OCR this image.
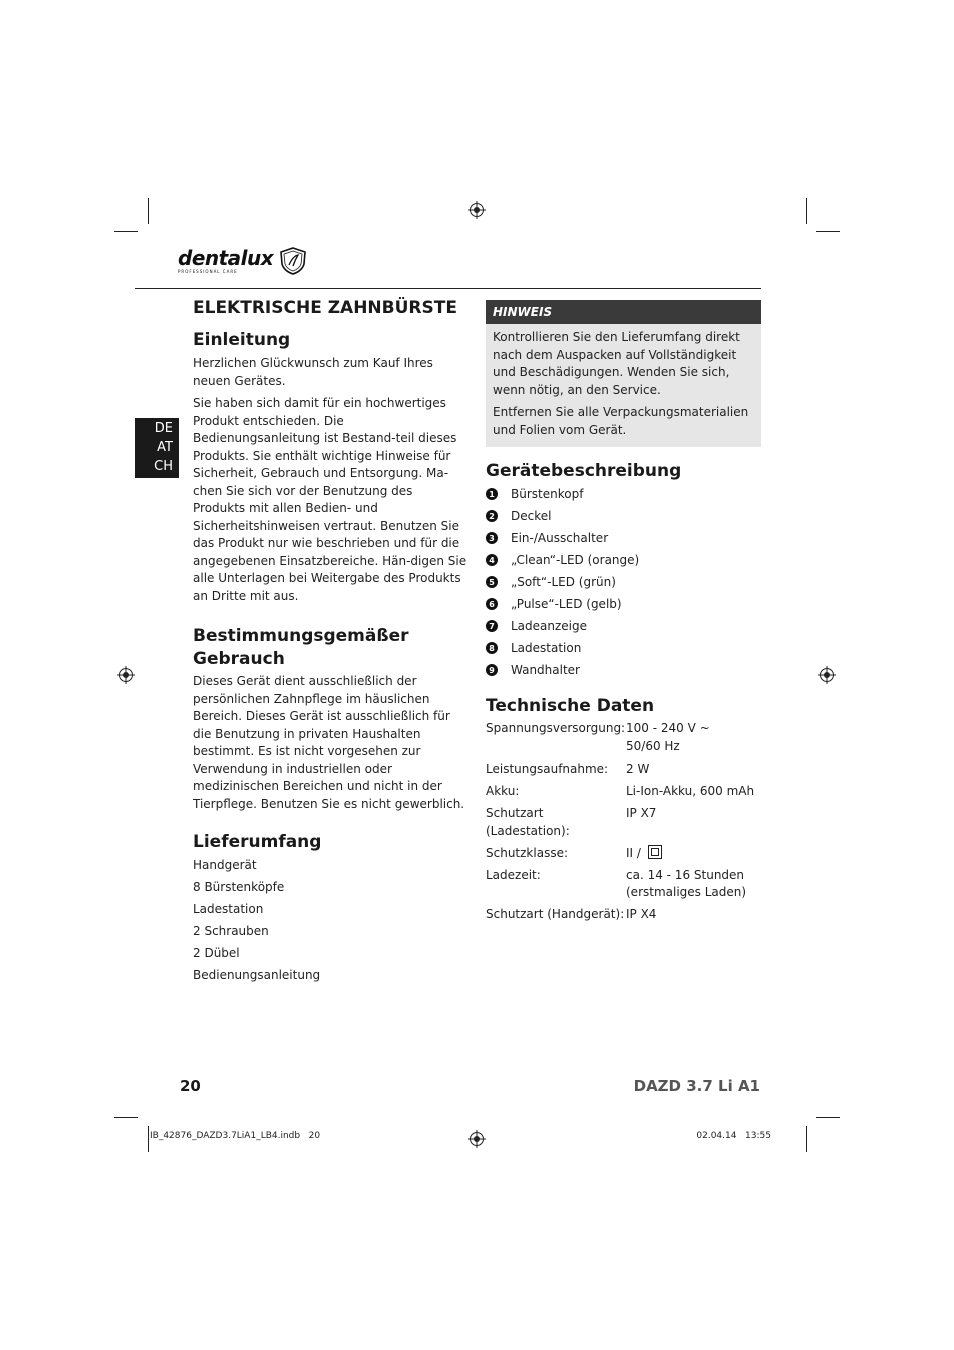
dentalux
PROFESSIONAL CARE
DE
AT
CH
ELEKTRISCHE ZAHNBÜRSTE
Einleitung

Herzlichen Glückwunsch zum Kauf Ihres neuen Gerätes.

Sie haben sich damit für ein hochwertiges Produkt entschieden. Die Bedienungsanleitung ist Bestand-teil dieses Produkts. Sie enthält wichtige Hinweise für Sicherheit, Gebrauch und Entsorgung. Ma-chen Sie sich vor der Benutzung des Produkts mit allen Bedien- und Sicherheitshinweisen vertraut. Benutzen Sie das Produkt nur wie beschrieben und für die angegebenen Einsatzbereiche. Hän-digen Sie alle Unterlagen bei Weitergabe des Produkts an Dritte mit aus.

Bestimmungsgemäßer
Gebrauch

Dieses Gerät dient ausschließlich der persönlichen Zahnpflege im häuslichen Bereich. Dieses Gerät ist ausschließlich für die Benutzung in privaten Haushalten bestimmt. Es ist nicht vorgesehen zur Verwendung in industriellen oder medizinischen Bereichen und nicht in der Tierpflege. Benutzen Sie es nicht gewerblich.

Lieferumfang
Handgerät
8 Bürstenköpfe
Ladestation
2 Schrauben
2 Dübel
Bedienungsanleitung
HINWEIS

Kontrollieren Sie den Lieferumfang direkt nach dem Auspacken auf Vollständigkeit und Beschädigungen. Wenden Sie sich, wenn nötig, an den Service.

Entfernen Sie alle Verpackungsmaterialien und Folien vom Gerät.

Gerätebeschreibung
1 Bürstenkopf
2 Deckel
3 Ein-/Ausschalter
4 „Clean“-LED (orange)
5 „Soft“-LED (grün)
6 „Pulse“-LED (gelb)
7 Ladeanzeige
8 Ladestation
9 Wandhalter
Technische Daten
Spannungsversorgung: 100 - 240 V ~
50/60 Hz
Leistungsaufnahme:	2 W
Akku:	Li-Ion-Akku, 600 mAh
Schutzart (Ladestation):
IP X7
Schutzklasse:	II /
Ladezeit:	ca. 14 - 16 Stunden
(erstmaliges Laden)
Schutzart (Handgerät): IP X4
20	DAZD 3.7 Li A1
IB_42876_DAZD3.7LiA1_LB4.indb   20	02.04.14   13:55
